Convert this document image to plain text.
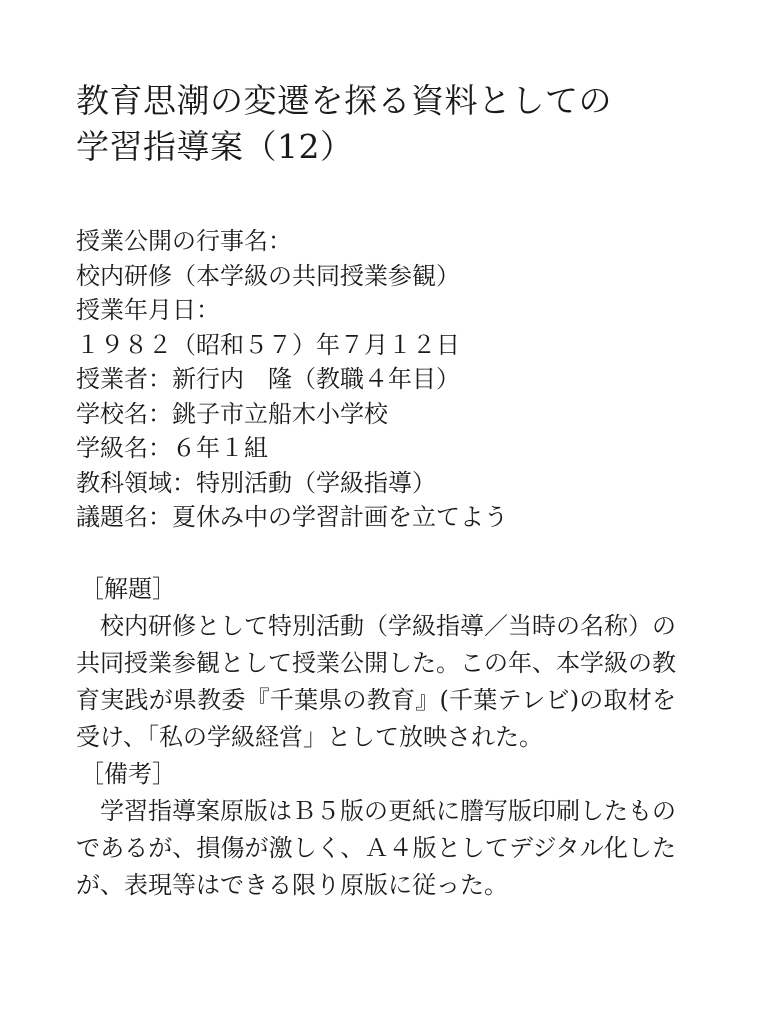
教育思潮の変遷を探る資料としての
学習指導案（12）
授業公開の行事名：
校内研修（本学級の共同授業参観）
授業年月日：
１９８２（昭和５７）年７月１２日
授業者：新行内　隆（教職４年目）
学校名：銚子市立船木小学校
学級名：６年１組
教科領域：特別活動（学級指導）
議題名：夏休み中の学習計画を立てよう
［解題］
　校内研修として特別活動（学級指導／当時の名称）の共同授業参観として授業公開した。この年、本学級の教育実践が県教委『千葉県の教育』(千葉テレビ)の取材を受け、「私の学級経営」として放映された。
［備考］
　学習指導案原版はＢ５版の更紙に謄写版印刷したものであるが、損傷が激しく、Ａ４版としてデジタル化したが、表現等はできる限り原版に従った。
